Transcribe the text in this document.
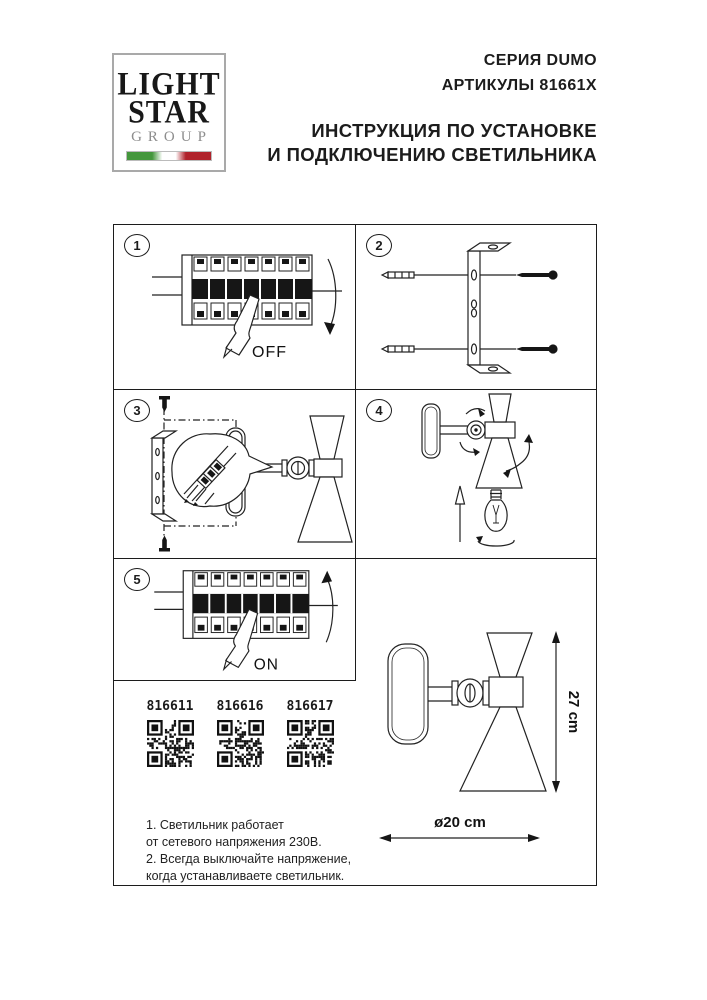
LIGHT
STAR
GROUP
СЕРИЯ DUMO
АРТИКУЛЫ 81661X
ИНСТРУКЦИЯ ПО УСТАНОВКЕ
И ПОДКЛЮЧЕНИЮ СВЕТИЛЬНИКА
1
OFF
2
3	4
5
ON
27 cm
ø20 cm
816611	816616	816617
1. Светильник работает
от сетевого напряжения 230В.
2. Всегда выключайте напряжение,
когда устанавливаете светильник.
